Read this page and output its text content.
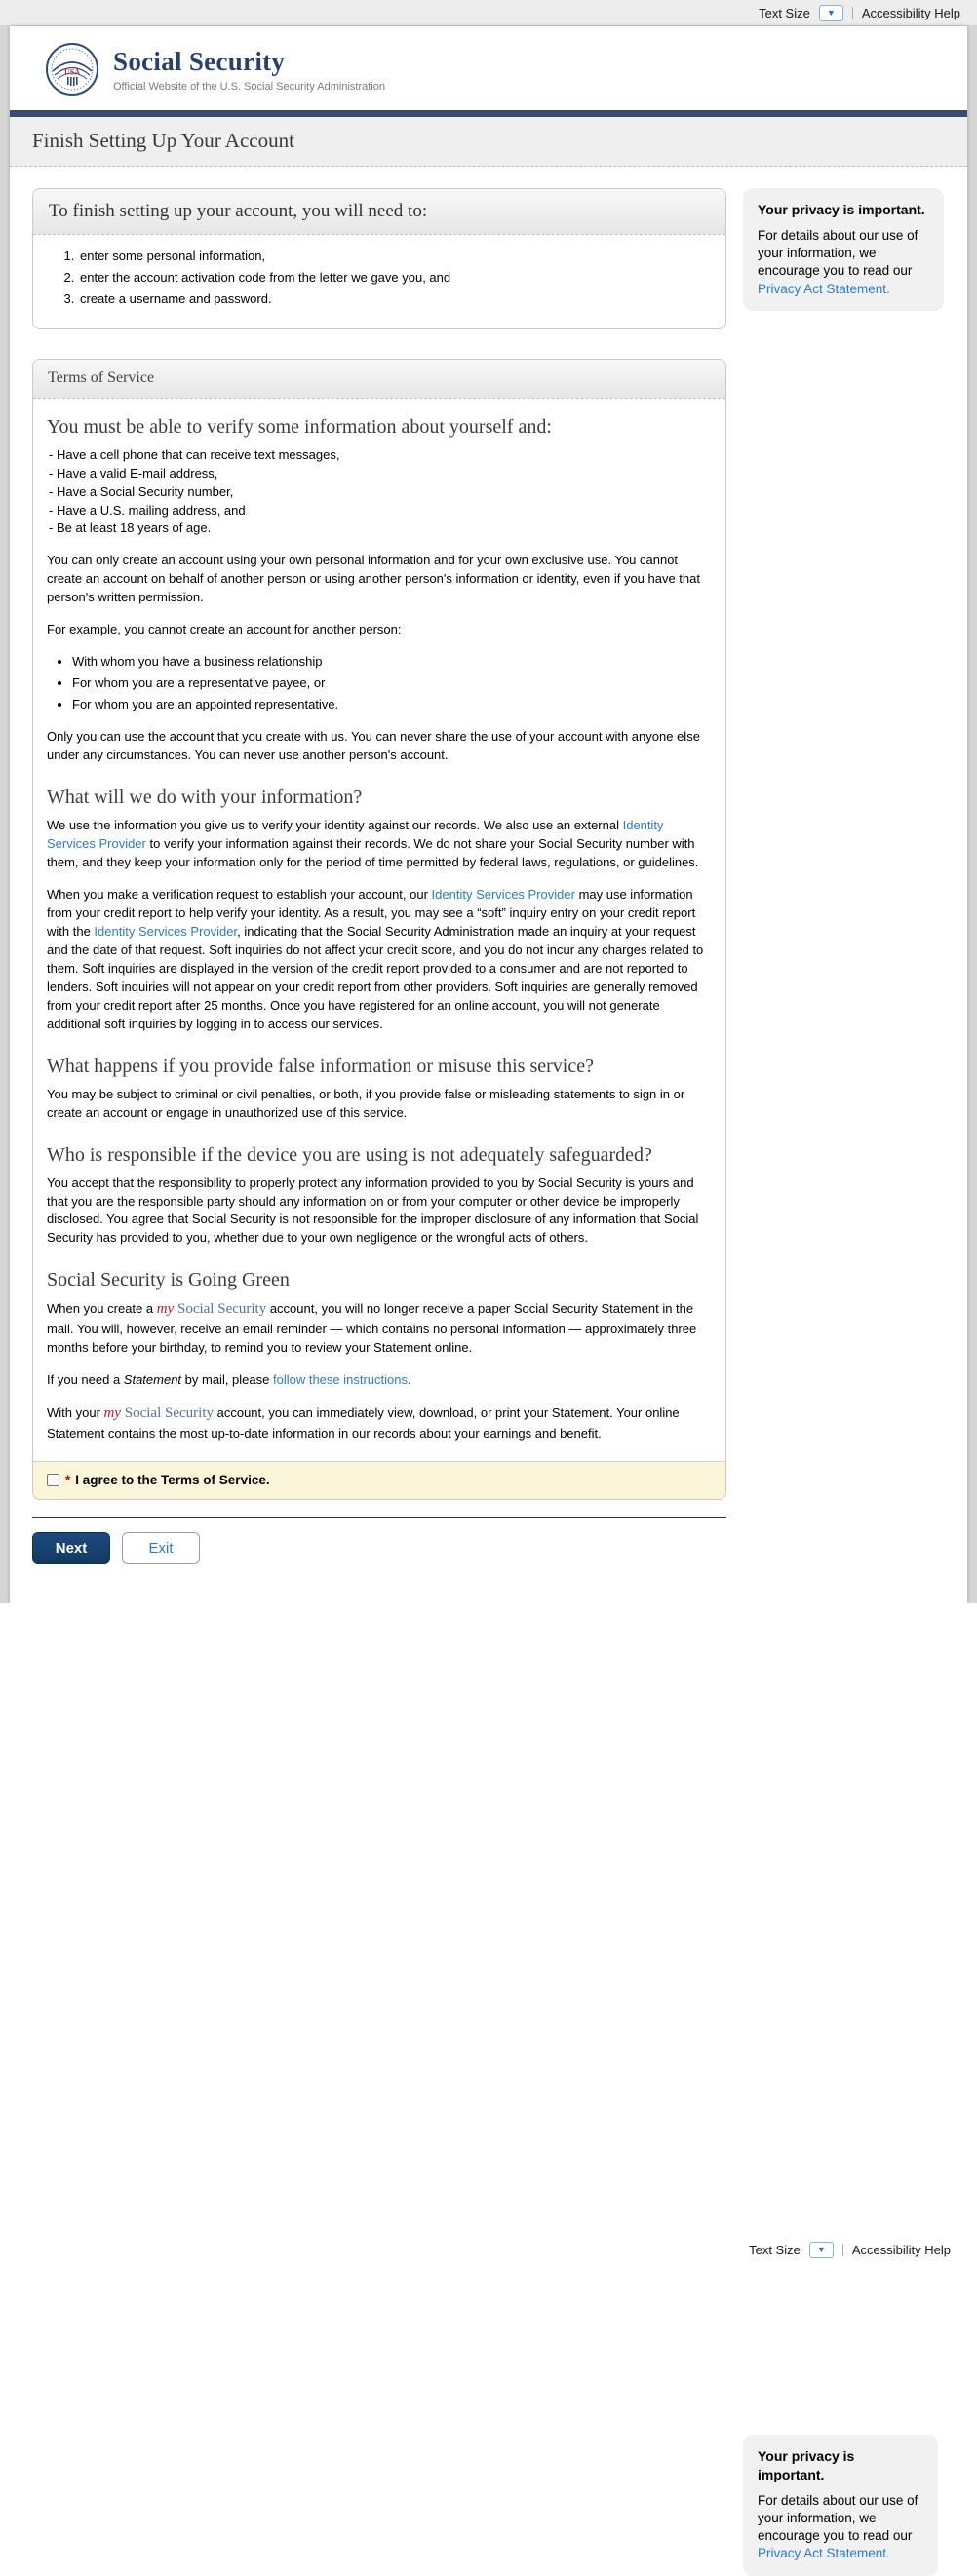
Text Size ▼ Accessibility Help
USA Social Security
Official Website of the U.S. Social Security Administration
Finish Setting Up Your Account
To finish setting up your account, you will need to:
1. enter some personal information,
2. enter the account activation code from the letter we gave you, and
3. create a username and password.
Terms of Service
You must be able to verify some information about yourself and:
- Have a cell phone that can receive text messages,
- Have a valid E-mail address,
- Have a Social Security number,
- Have a U.S. mailing address, and
- Be at least 18 years of age.

You can only create an account using your own personal information and for your own exclusive use. You cannot create an account on behalf of another person or using another person's information or identity, even if you have that person's written permission.

For example, you cannot create an account for another person:

• With whom you have a business relationship
• For whom you are a representative payee, or
• For whom you are an appointed representative.

Only you can use the account that you create with us. You can never share the use of your account with anyone else under any circumstances. You can never use another person's account.

What will we do with your information?

We use the information you give us to verify your identity against our records. We also use an external Identity Services Provider to verify your information against their records. We do not share your Social Security number with them, and they keep your information only for the period of time permitted by federal laws, regulations, or guidelines.

When you make a verification request to establish your account, our Identity Services Provider may use information from your credit report to help verify your identity. As a result, you may see a “soft” inquiry entry on your credit report with the Identity Services Provider, indicating that the Social Security Administration made an inquiry at your request and the date of that request. Soft inquiries do not affect your credit score, and you do not incur any charges related to them. Soft inquiries are displayed in the version of the credit report provided to a consumer and are not reported to lenders. Soft inquiries will not appear on your credit report from other providers. Soft inquiries are generally removed from your credit report after 25 months. Once you have registered for an online account, you will not generate additional soft inquiries by logging in to access our services.

What happens if you provide false information or misuse this service?

You may be subject to criminal or civil penalties, or both, if you provide false or misleading statements to sign in or create an account or engage in unauthorized use of this service.

Who is responsible if the device you are using is not adequately safeguarded?

You accept that the responsibility to properly protect any information provided to you by Social Security is yours and that you are the responsible party should any information on or from your computer or other device be improperly disclosed. You agree that Social Security is not responsible for the improper disclosure of any information that Social Security has provided to you, whether due to your own negligence or the wrongful acts of others.

Social Security is Going Green

When you create a my Social Security account, you will no longer receive a paper Social Security Statement in the mail. You will, however, receive an email reminder — which contains no personal information — approximately three months before your birthday, to remind you to review your Statement online.

If you need a Statement by mail, please follow these instructions.

With your my Social Security account, you can immediately view, download, or print your Statement. Your online Statement contains the most up-to-date information in our records about your earnings and benefit.

* I agree to the Terms of Service.
Next	Exit
Your privacy is important.
For details about our use of your information, we encourage you to read our Privacy Act Statement.
Text Size ▼ Accessibility Help
Your privacy is important.
For details about our use of your information, we encourage you to read our Privacy Act Statement.
